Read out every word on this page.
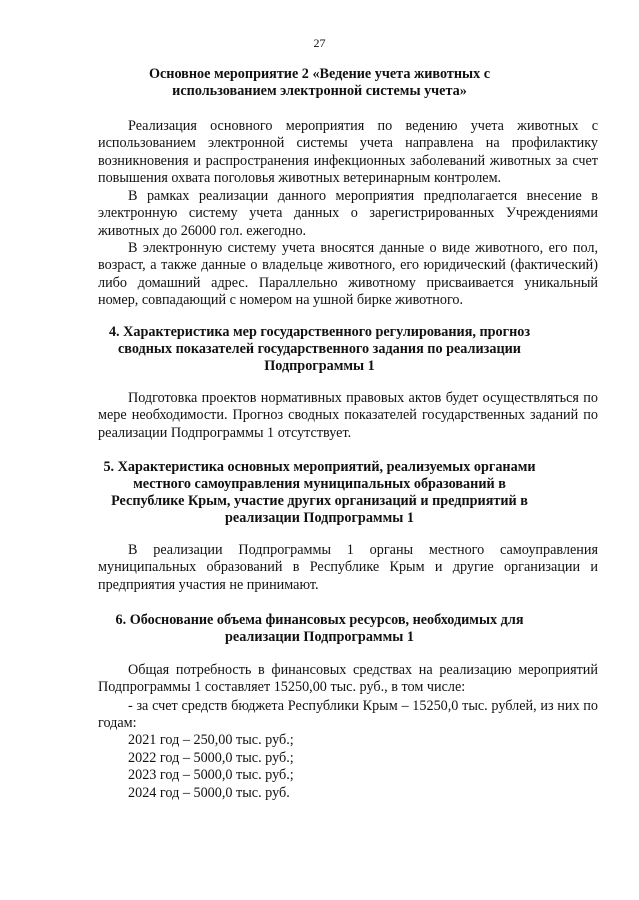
27
Основное мероприятие 2 «Ведение учета животных с
использованием электронной системы учета»

Реализация основного мероприятия по ведению учета животных с использованием электронной системы учета направлена на профилактику возникновения и распространения инфекционных заболеваний животных за счет повышения охвата поголовья животных ветеринарным контролем.

В рамках реализации данного мероприятия предполагается внесение в электронную систему учета данных о зарегистрированных Учреждениями животных до 26000 гол. ежегодно.

В электронную систему учета вносятся данные о виде животного, его пол, возраст, а также данные о владельце животного, его юридический (фактический) либо домашний адрес. Параллельно животному присваивается уникальный номер, совпадающий с номером на ушной бирке животного.

4. Характеристика мер государственного регулирования, прогноз
сводных показателей государственного задания по реализации
Подпрограммы 1

Подготовка проектов нормативных правовых актов будет осуществляться по мере необходимости. Прогноз сводных показателей государственных заданий по реализации Подпрограммы 1 отсутствует.

5. Характеристика основных мероприятий, реализуемых органами
местного самоуправления муниципальных образований в
Республике Крым, участие других организаций и предприятий в
реализации Подпрограммы 1

В реализации Подпрограммы 1 органы местного самоуправления муниципальных образований в Республике Крым и другие организации и предприятия участия не принимают.

6. Обоснование объема финансовых ресурсов, необходимых для
реализации Подпрограммы 1

Общая потребность в финансовых средствах на реализацию мероприятий Подпрограммы 1 составляет 15250,00 тыс. руб., в том числе:

- за счет средств бюджета Республики Крым – 15250,0 тыс. рублей, из них по годам:

2021 год – 250,00 тыс. руб.;
2022 год – 5000,0 тыс. руб.;
2023 год – 5000,0 тыс. руб.;
2024 год – 5000,0 тыс. руб.
